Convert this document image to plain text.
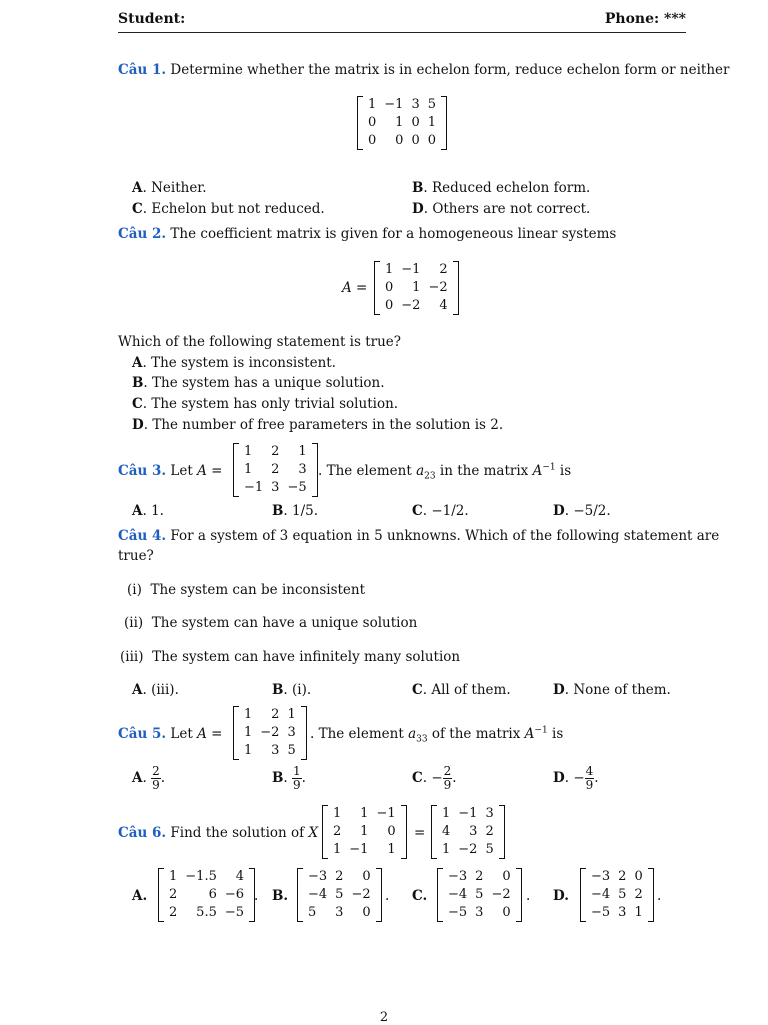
Student:	Phone: ***
Câu 1. Determine whether the matrix is in echelon form, reduce echelon form or neither
1	−1	3	5
0	1	0	1
0	0	0	0
A. Neither.	B. Reduced echelon form.
C. Echelon but not reduced.	D. Others are not correct.
Câu 2. The coefficient matrix is given for a homogeneous linear systems
A =
1	−1	2
0	1	−2
0	−2	4
Which of the following statement is true?
A. The system is inconsistent.
B. The system has a unique solution.
C. The system has only trivial solution.
D. The number of free parameters in the solution is 2.
Câu 3. Let A =
1	2	1
1	2	3
−1	3	−5
. The element $a_{23}$ in the matrix $A^{-1}$ is
A. 1.	B. 1/5.	C. −1/2.	D. −5/2.
Câu 4. For a system of 3 equation in 5 unknowns. Which of the following statement are
true?
(i) The system can be inconsistent
(ii) The system can have a unique solution
(iii) The system can have infinitely many solution
A. (iii).	B. (i).	C. All of them.	D. None of them.
Câu 5. Let A =
1	2	1
1	−2	3
1	3	5
. The element $a_{33}$ of the matrix $A^{-1}$ is
A. $\frac{2}{9}$ .	B. $\frac{1}{9}$ .	C. − $\frac{2}{9}$ .	D. − $\frac{4}{9}$ .
Câu 6. Find the solution of X
1	1	−1
2	1	0
1	−1	1
=
1	−1	3
4	3	2
1	−2	5
A.
1	−1.5	4
2	6	−6
2	5.5	−5
. B.
−3	2	0
−4	5	−2
5	3	0
. C.
−3	2	0
−4	5	−2
−5	3	0
. D.
−3	2	0
−4	5	2
−5	3	1
.
2
